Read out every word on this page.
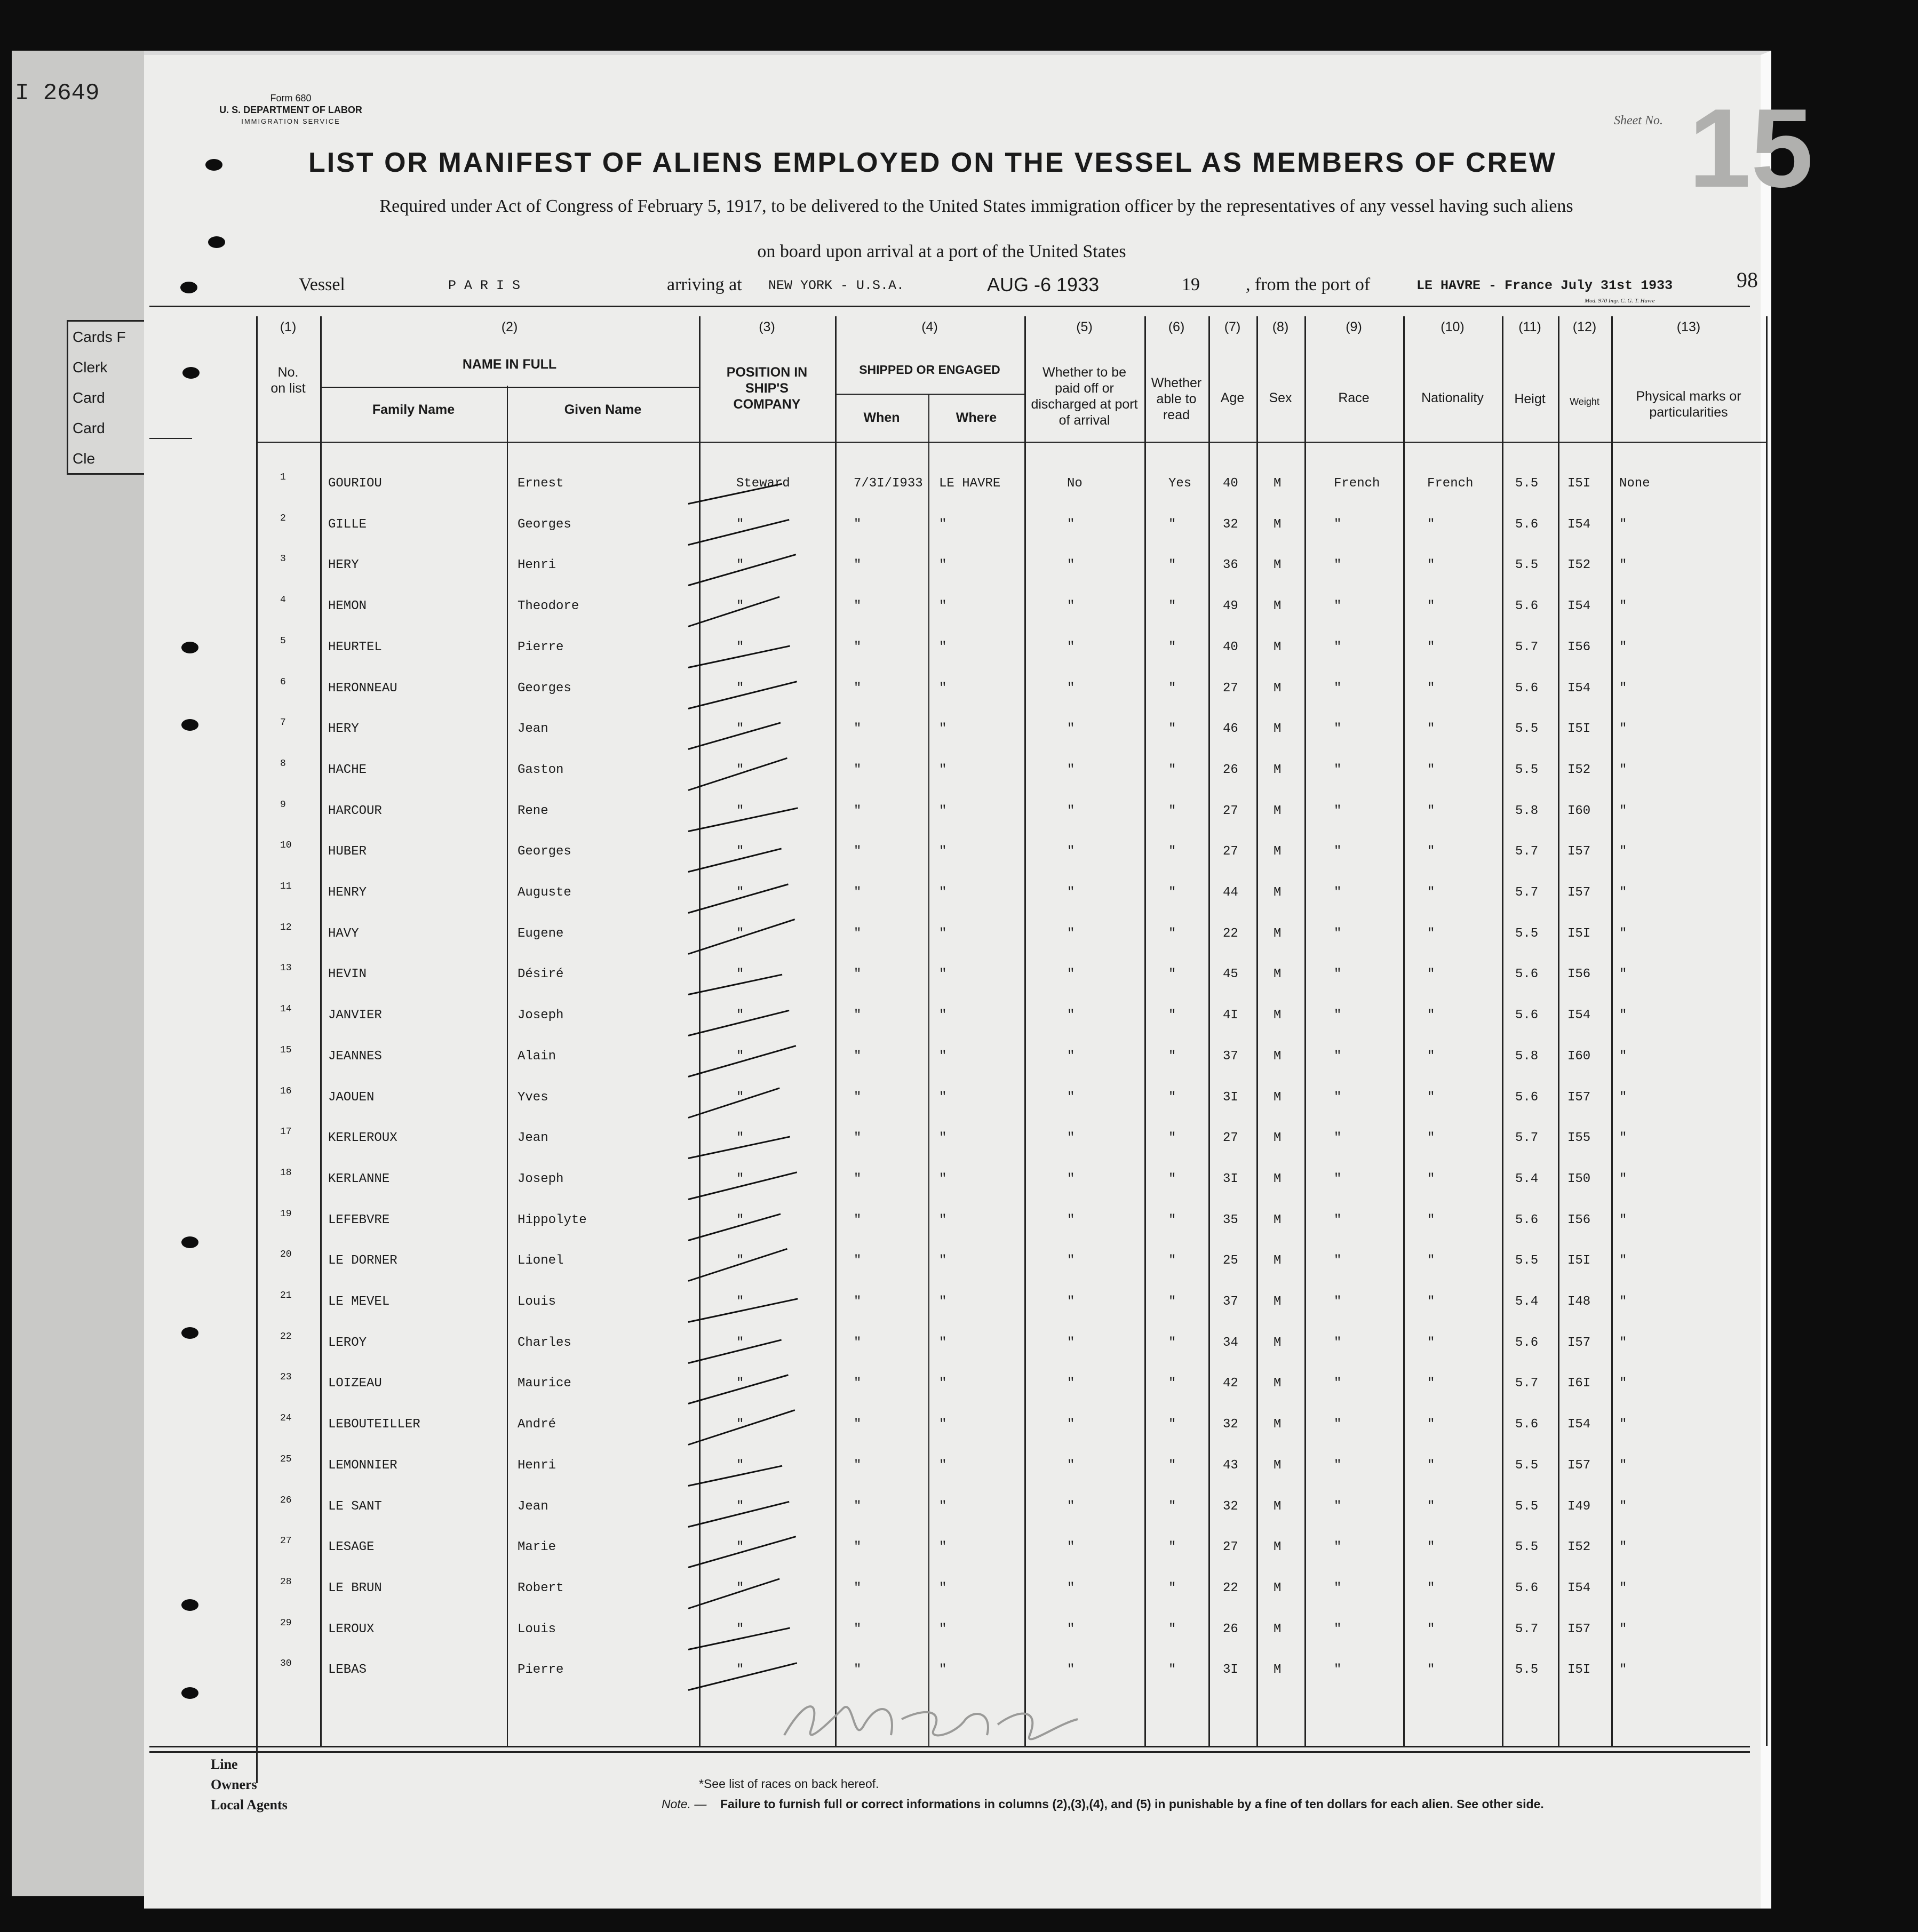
I 2649
Cards F
Clerk
Card
Card
Cle
Form 680
U. S. DEPARTMENT OF LABOR
IMMIGRATION SERVICE	Sheet No. 15
LIST OR MANIFEST OF ALIENS EMPLOYED ON THE VESSEL AS MEMBERS OF CREW
Required under Act of Congress of February 5, 1917, to be delivered to the United States immigration officer by the representatives of any vessel having such aliens
on board upon arrival at a port of the United States
Vessel	P A R I S	arriving at NEW YORK - U.S.A.	AUG -6 1933	19	, from the port of	LE HAVRE - France July 31st 1933	98
Mod. 970 Imp. C. G. T. Havre
(1)
No. on list
(2)
NAME IN FULL
Family Name	Given Name
(3)
POSITION IN SHIP'S COMPANY
(4)
SHIPPED OR ENGAGED
When	Where
(5)
Whether to be paid off or discharged at port of arrival
(6)
Whether able to read
(7)
Age
(8)
Sex
(9)
Race
(10)
Nationality
(11)
Heigt
(12)
Weight
(13)
Physical marks or particularities
1	GOURIOU	Ernest	Steward	7/3I/I933 LE HAVRE	No	Yes 40	M	French	French	5.5 I5I None
2	GILLE	Georges	"	"	"	"	"	32	M	"	"	5.6 I54 "
3	HERY	Henri	"	"	"	"	"	36	M	"	"	5.5 I52 "
4	HEMON	Theodore	"	"	"	"	"	49	M	"	"	5.6 I54 "
5	HEURTEL	Pierre	"	"	"	"	"	40	M	"	"	5.7 I56 "
6	HERONNEAU	Georges	"	"	"	"	"	27	M	"	"	5.6 I54 "
7	HERY	Jean	"	"	"	"	"	46	M	"	"	5.5 I5I "
8	HACHE	Gaston	"	"	"	"	"	26	M	"	"	5.5 I52 "
9	HARCOUR	Rene	"	"	"	"	"	27	M	"	"	5.8 I60 "
10	HUBER	Georges	"	"	"	"	"	27	M	"	"	5.7 I57 "
11	HENRY	Auguste	"	"	"	"	"	44	M	"	"	5.7 I57 "
12	HAVY	Eugene	"	"	"	"	"	22	M	"	"	5.5 I5I "
13	HEVIN	Désiré	"	"	"	"	"	45	M	"	"	5.6 I56 "
14	JANVIER	Joseph	"	"	"	"	"	4I	M	"	"	5.6 I54 "
15	JEANNES	Alain	"	"	"	"	"	37	M	"	"	5.8 I60 "
16	JAOUEN	Yves	"	"	"	"	"	3I	M	"	"	5.6 I57 "
17	KERLEROUX	Jean	"	"	"	"	"	27	M	"	"	5.7 I55 "
18	KERLANNE	Joseph	"	"	"	"	"	3I	M	"	"	5.4 I50 "
19	LEFEBVRE	Hippolyte	"	"	"	"	"	35	M	"	"	5.6 I56 "
20	LE DORNER	Lionel	"	"	"	"	"	25	M	"	"	5.5 I5I "
21	LE MEVEL	Louis	"	"	"	"	"	37	M	"	"	5.4 I48 "
22	LEROY	Charles	"	"	"	"	"	34	M	"	"	5.6 I57 "
23	LOIZEAU	Maurice	"	"	"	"	"	42	M	"	"	5.7 I6I "
24	LEBOUTEILLER	André	"	"	"	"	"	32	M	"	"	5.6 I54 "
25	LEMONNIER	Henri	"	"	"	"	"	43	M	"	"	5.5 I57 "
26	LE SANT	Jean	"	"	"	"	"	32	M	"	"	5.5 I49 "
27	LESAGE	Marie	"	"	"	"	"	27	M	"	"	5.5 I52 "
28	LE BRUN	Robert	"	"	"	"	"	22	M	"	"	5.6 I54 "
29	LEROUX	Louis	"	"	"	"	"	26	M	"	"	5.7 I57 "
30	LEBAS	Pierre	"	"	"	"	"	3I	M	"	"	5.5 I5I "
Line
Owners
Local Agents
*See list of races on back hereof.
Note. — Failure to furnish full or correct informations in columns (2),(3),(4), and (5) in punishable by a fine of ten dollars for each alien. See other side.
